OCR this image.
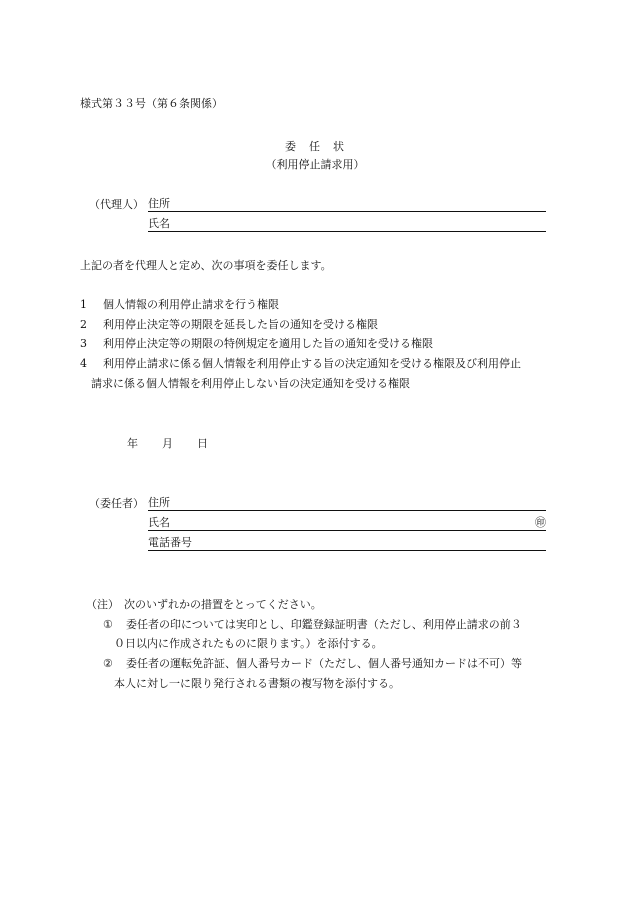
様式第３３号（第６条関係）
委　任　状
（利用停止請求用）
（代理人） 住所
氏名
上記の者を代理人と定め、次の事項を委任します。
1 個人情報の利用停止請求を行う権限
2 利用停止決定等の期限を延長した旨の通知を受ける権限
3 利用停止決定等の期限の特例規定を適用した旨の通知を受ける権限
4 利用停止請求に係る個人情報を利用停止する旨の決定通知を受ける権限及び利用停止
請求に係る個人情報を利用停止しない旨の決定通知を受ける権限
年 月 日
（委任者） 住所
氏名	㊞
電話番号
（注） 次のいずれかの措置をとってください。
① 委任者の印については実印とし、印鑑登録証明書（ただし、利用停止請求の前３
０日以内に作成されたものに限ります。）を添付する。
② 委任者の運転免許証、個人番号カード（ただし、個人番号通知カードは不可）等
本人に対し一に限り発行される書類の複写物を添付する。
